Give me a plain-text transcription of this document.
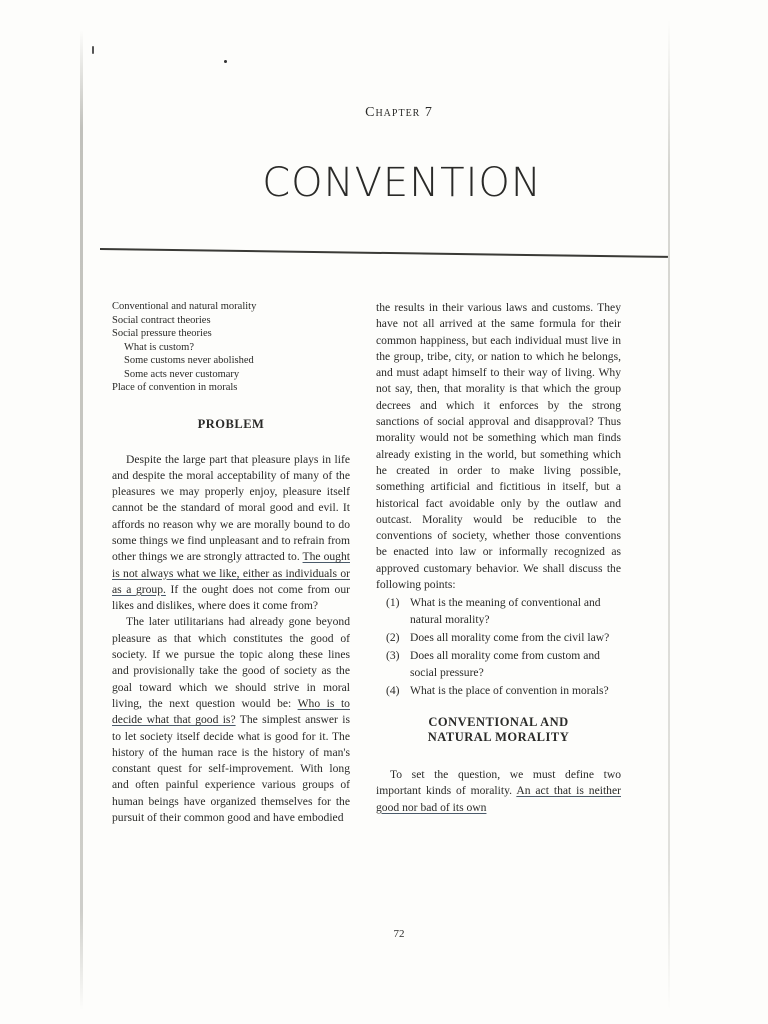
Chapter 7
CONVENTION
Conventional and natural morality
Social contract theories
Social pressure theories
What is custom?
Some customs never abolished
Some acts never customary
Place of convention in morals
PROBLEM

Despite the large part that pleasure plays in life and despite the moral acceptability of many of the pleasures we may properly enjoy, pleasure itself cannot be the standard of moral good and evil. It affords no reason why we are morally bound to do some things we find unpleasant and to refrain from other things we are strongly attracted to. The ought is not always what we like, either as individuals or as a group. If the ought does not come from our likes and dislikes, where does it come from?

The later utilitarians had already gone beyond pleasure as that which constitutes the good of society. If we pursue the topic along these lines and provisionally take the good of society as the goal toward which we should strive in moral living, the next question would be: Who is to decide what that good is? The simplest answer is to let society itself decide what is good for it. The history of the human race is the history of man's constant quest for self-improvement. With long and often painful experience various groups of human beings have organized themselves for the pursuit of their common good and have embodied

the results in their various laws and customs. They have not all arrived at the same formula for their common happiness, but each individual must live in the group, tribe, city, or nation to which he belongs, and must adapt himself to their way of living. Why not say, then, that morality is that which the group decrees and which it enforces by the strong sanctions of social approval and disapproval? Thus morality would not be something which man finds already existing in the world, but something which he created in order to make living possible, something artificial and fictitious in itself, but a historical fact avoidable only by the outlaw and outcast. Morality would be reducible to the conventions of society, whether those conventions be enacted into law or informally recognized as approved customary behavior. We shall discuss the following points:

(1) What is the meaning of conventional and natural morality?
(2) Does all morality come from the civil law?
(3) Does all morality come from custom and social pressure?
(4) What is the place of convention in morals?
CONVENTIONAL AND
NATURAL MORALITY

To set the question, we must define two important kinds of morality. An act that is neither good nor bad of its own

72
